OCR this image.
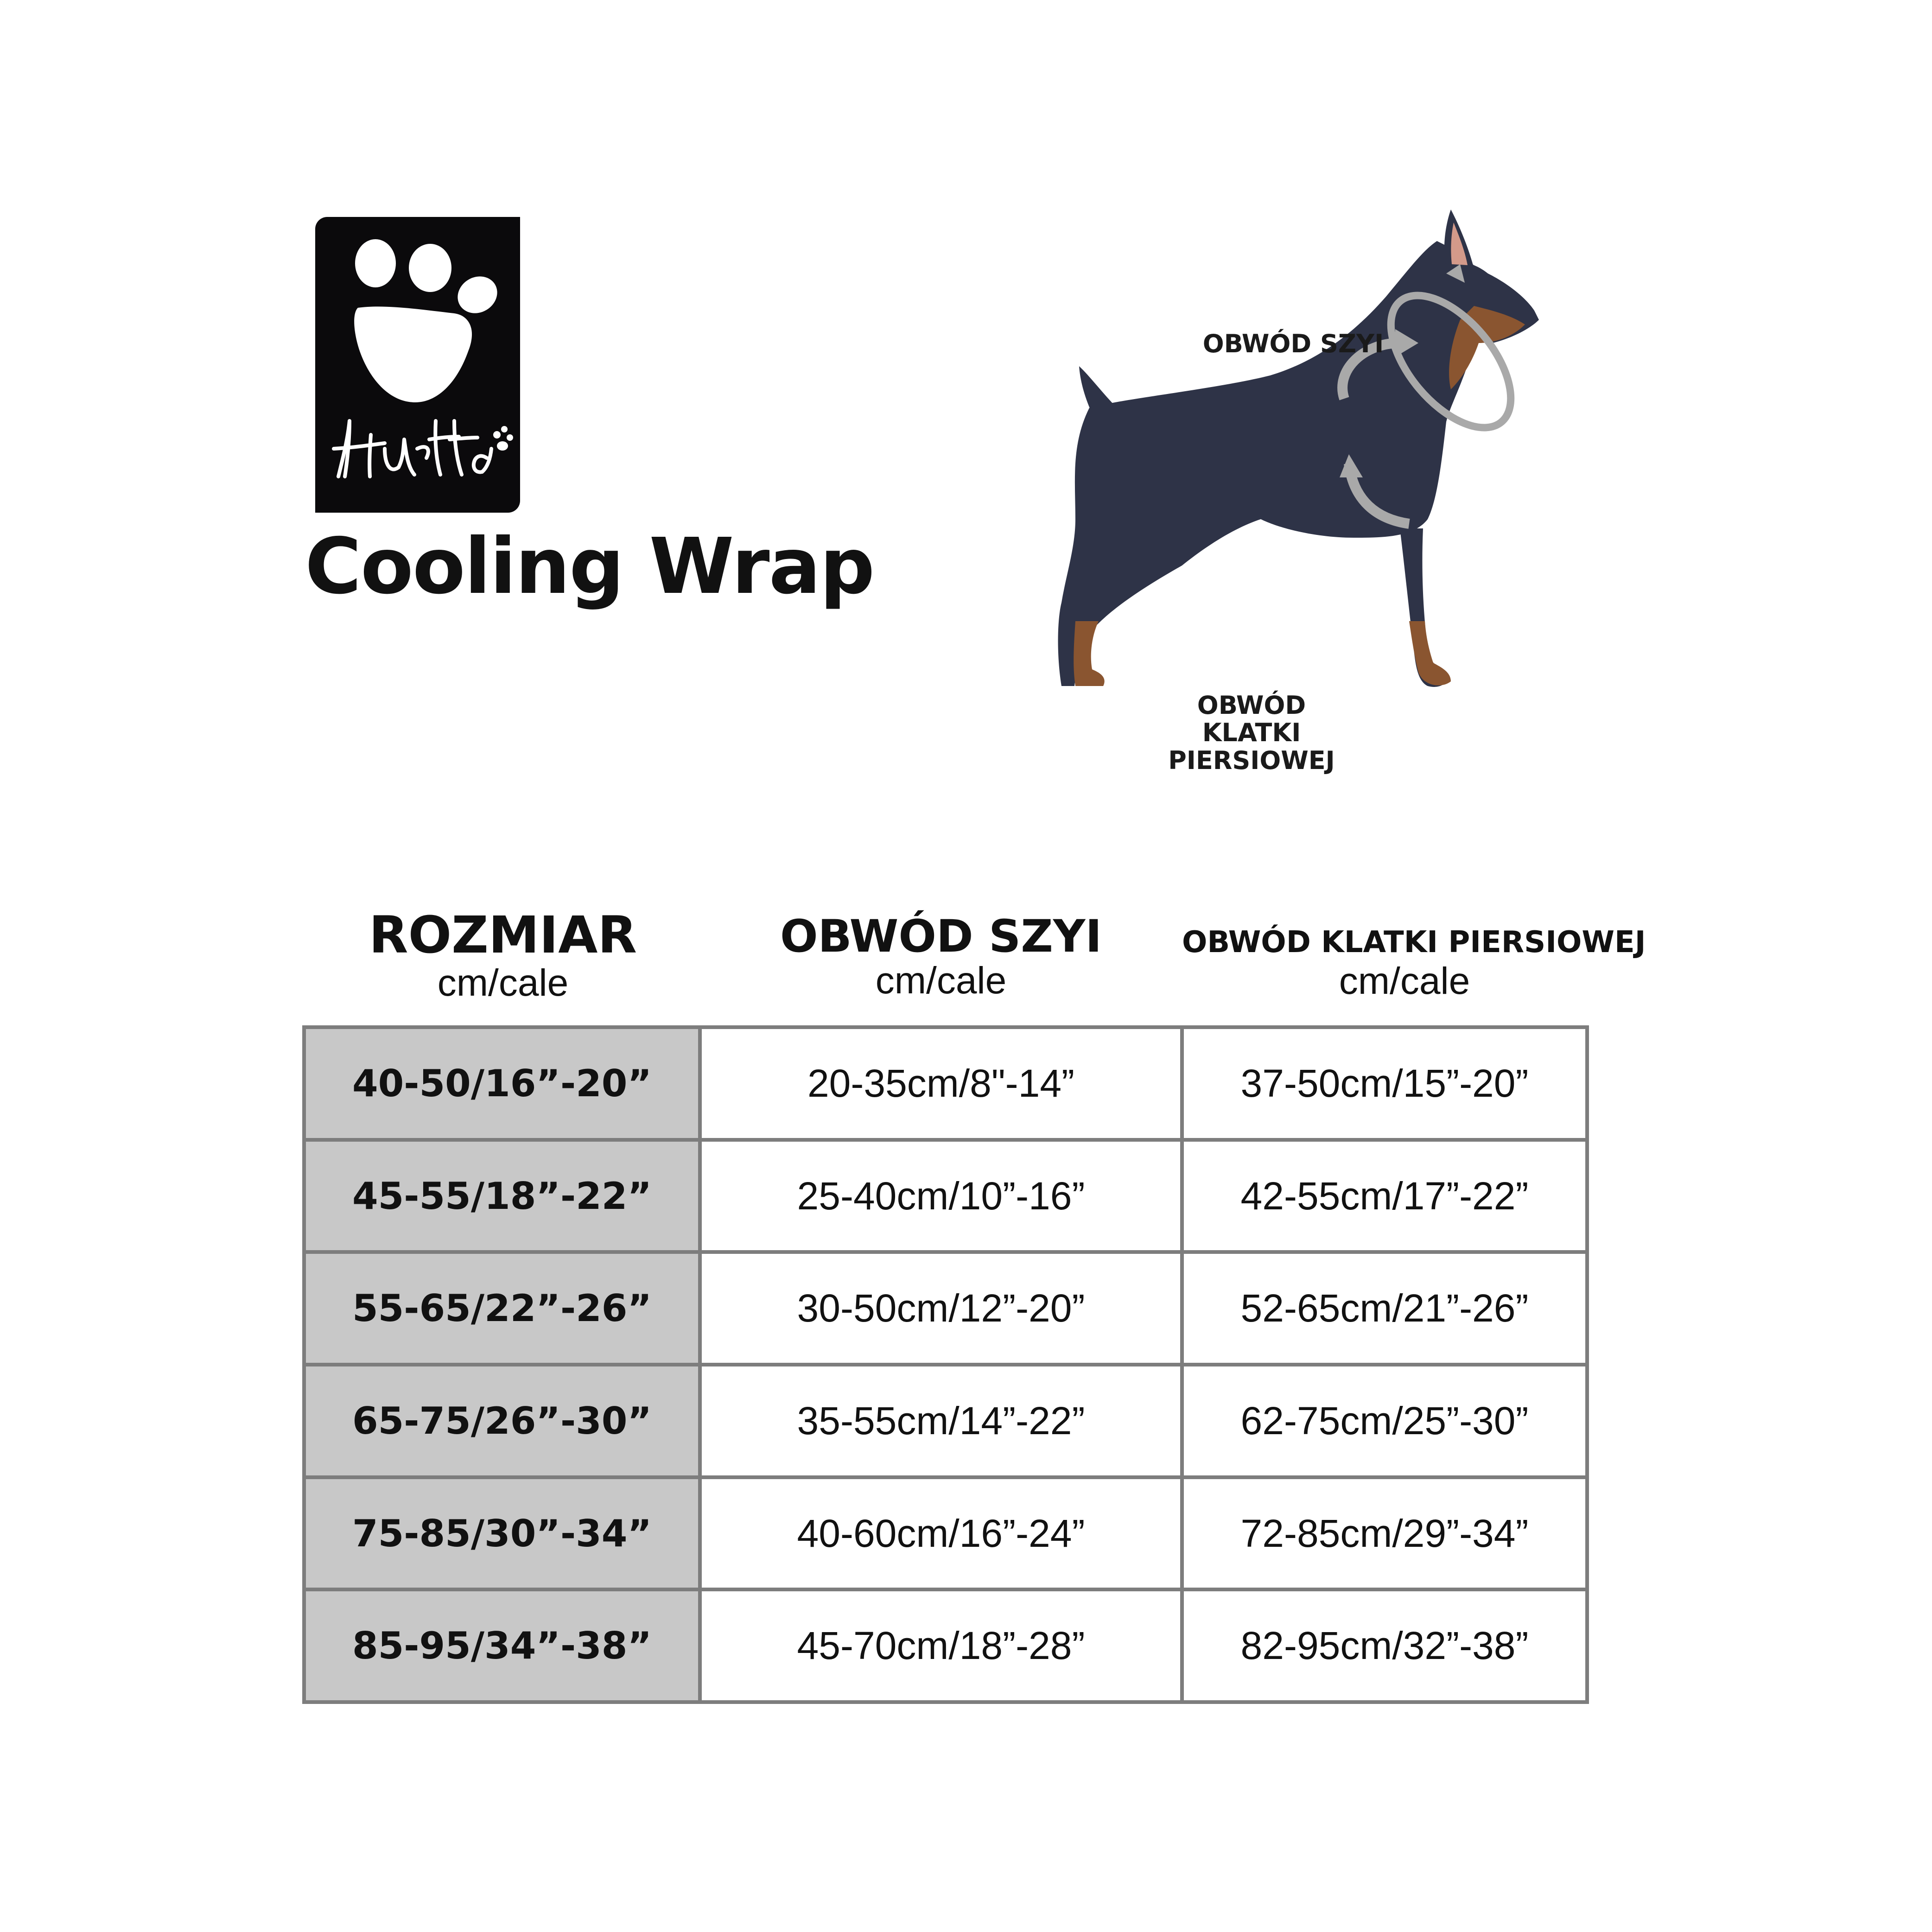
Cooling Wrap
OBWÓD SZYI
OBWÓD KLATKI
PIERSIOWEJ
ROZMIAR
cm/cale
OBWÓD SZYI
cm/cale
OBWÓD KLATKI PIERSIOWEJ
cm/cale
40-50/16”-20”	20-35cm/8"-14”	37-50cm/15”-20”
45-55/18”-22”	25-40cm/10”-16”	42-55cm/17”-22”
55-65/22”-26”	30-50cm/12”-20”	52-65cm/21”-26”
65-75/26”-30”	35-55cm/14”-22”	62-75cm/25”-30”
75-85/30”-34”	40-60cm/16”-24”	72-85cm/29”-34”
85-95/34”-38”	45-70cm/18”-28”	82-95cm/32”-38”
